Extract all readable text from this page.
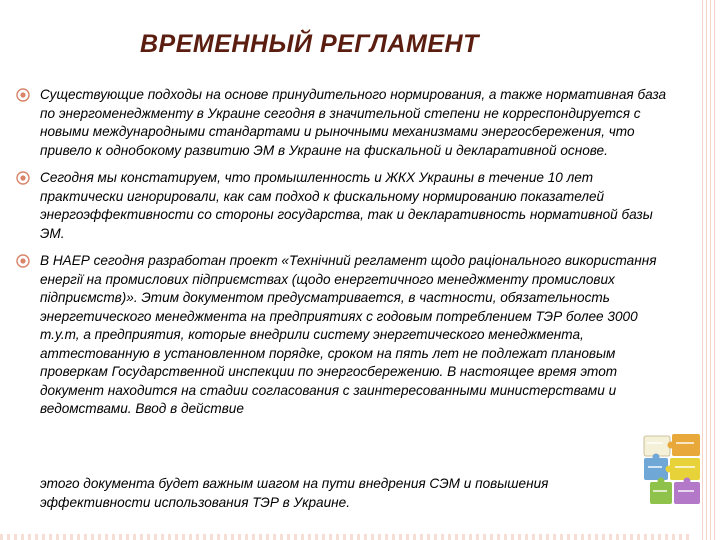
ВРЕМЕННЫЙ РЕГЛАМЕНТ
Существующие подходы на основе принудительного нормирования, а также нормативная база по энергоменеджменту в Украине сегодня в значительной степени не корреспондируется с новыми международными стандартами и рыночными механизмами энергосбережения, что привело к однобокому развитию ЭМ в Украине на фискальной и декларативной основе.
Сегодня мы констатируем, что промышленность и ЖКХ Украины в течение 10 лет практически игнорировали, как сам подход к фискальному нормированию показателей энергоэффективности со стороны государства, так и декларативность нормативной базы ЭМ.
В НАЕР сегодня разработан проект «Технічний регламент щодо раціонального використання енергії на промислових підприємствах (щодо енергетичного менеджменту промислових підприємств)». Этим документом предусматривается, в частности, обязательность энергетического менеджмента на предприятиях с годовым потреблением ТЭР более 3000 т.у.т, а предприятия, которые внедрили систему энергетического менеджмента, аттестованную в установленном порядке, сроком на пять лет не подлежат плановым проверкам Государственной инспекции по энергосбережению. В настоящее время этот документ находится на стадии согласования с заинтересованными министерствами и ведомствами. Ввод в действие
этого документа будет важным шагом на пути внедрения СЭМ и повышения эффективности использования ТЭР в Украине.
